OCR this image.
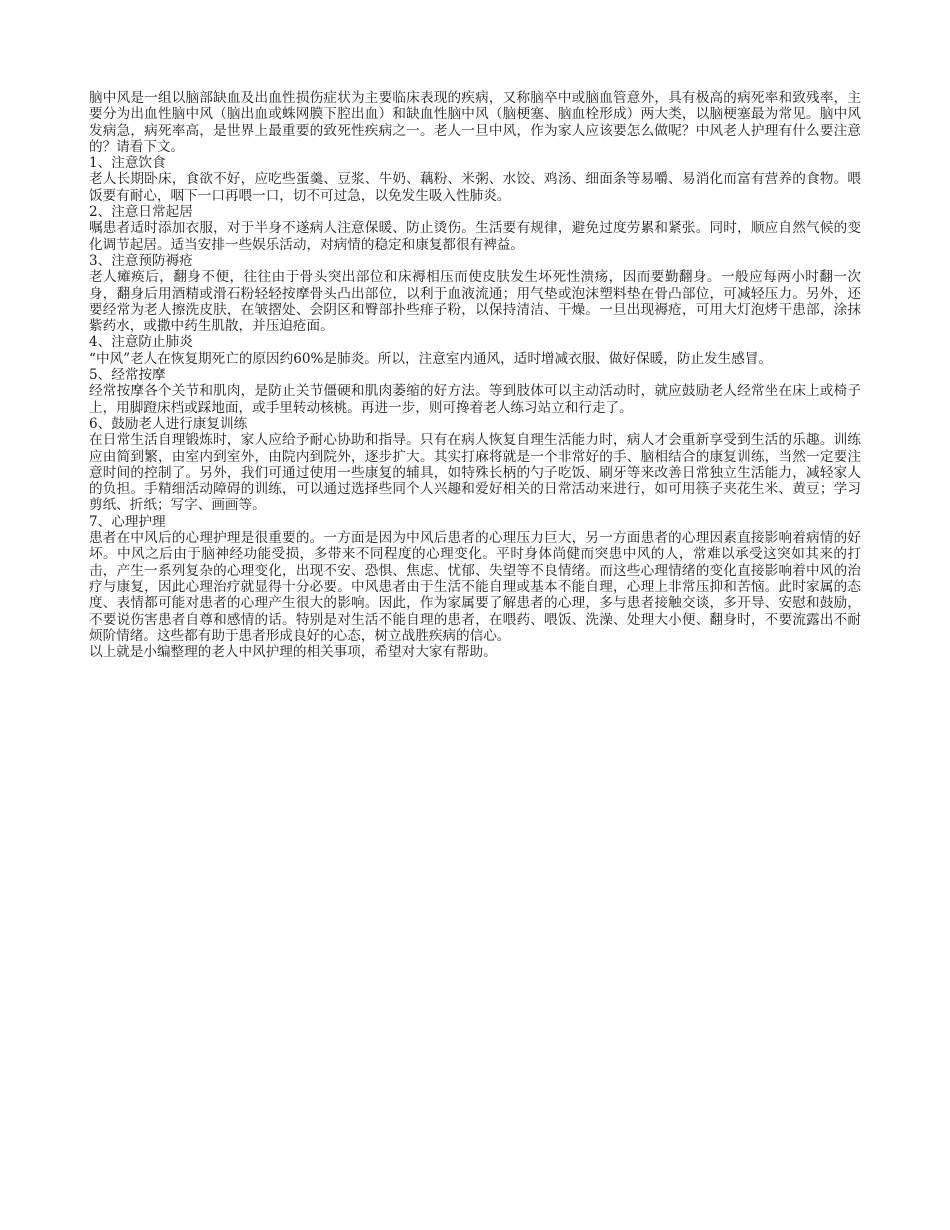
脑中风是一组以脑部缺血及出血性损伤症状为主要临床表现的疾病，又称脑卒中或脑血管意外，具有极高的病死率和致残率，主要分为出血性脑中风（脑出血或蛛网膜下腔出血）和缺血性脑中风（脑梗塞、脑血栓形成）两大类，以脑梗塞最为常见。脑中风发病急，病死率高，是世界上最重要的致死性疾病之一。老人一旦中风，作为家人应该要怎么做呢？中风老人护理有什么要注意的？请看下文。

1、注意饮食

老人长期卧床，食欲不好，应吃些蛋羹、豆浆、牛奶、藕粉、米粥、水饺、鸡汤、细面条等易嚼、易消化而富有营养的食物。喂饭要有耐心，咽下一口再喂一口，切不可过急，以免发生吸入性肺炎。

2、注意日常起居

嘱患者适时添加衣服，对于半身不遂病人注意保暖、防止烫伤。生活要有规律，避免过度劳累和紧张。同时，顺应自然气候的变化调节起居。适当安排一些娱乐活动，对病情的稳定和康复都很有裨益。

3、注意预防褥疮

老人瘫痪后，翻身不便，往往由于骨头突出部位和床褥相压而使皮肤发生坏死性溃疡，因而要勤翻身。一般应每两小时翻一次身，翻身后用酒精或滑石粉轻轻按摩骨头凸出部位，以利于血液流通；用气垫或泡沫塑料垫在骨凸部位，可减轻压力。另外，还要经常为老人擦洗皮肤，在皱摺处、会阴区和臀部扑些痱子粉，以保持清洁、干燥。一旦出现褥疮，可用大灯泡烤干患部，涂抹紫药水，或撒中药生肌散，并压迫疮面。

4、注意防止肺炎

“中风”老人在恢复期死亡的原因约60%是肺炎。所以，注意室内通风，适时增减衣服、做好保暖，防止发生感冒。

5、经常按摩

经常按摩各个关节和肌肉，是防止关节僵硬和肌肉萎缩的好方法。等到肢体可以主动活动时，就应鼓励老人经常坐在床上或椅子上，用脚蹬床档或踩地面，或手里转动核桃。再进一步，则可搀着老人练习站立和行走了。

6、鼓励老人进行康复训练

在日常生活自理锻炼时，家人应给予耐心协助和指导。只有在病人恢复自理生活能力时，病人才会重新享受到生活的乐趣。训练应由简到繁，由室内到室外，由院内到院外，逐步扩大。其实打麻将就是一个非常好的手、脑相结合的康复训练，当然一定要注意时间的控制了。另外，我们可通过使用一些康复的辅具，如特殊长柄的勺子吃饭、刷牙等来改善日常独立生活能力，减轻家人的负担。手精细活动障碍的训练，可以通过选择些同个人兴趣和爱好相关的日常活动来进行，如可用筷子夹花生米、黄豆；学习剪纸、折纸；写字、画画等。

7、心理护理

患者在中风后的心理护理是很重要的。一方面是因为中风后患者的心理压力巨大，另一方面患者的心理因素直接影响着病情的好坏。中风之后由于脑神经功能受损，多带来不同程度的心理变化。平时身体尚健而突患中风的人，常难以承受这突如其来的打击，产生一系列复杂的心理变化，出现不安、恐惧、焦虑、忧郁、失望等不良情绪。而这些心理情绪的变化直接影响着中风的治疗与康复，因此心理治疗就显得十分必要。中风患者由于生活不能自理或基本不能自理，心理上非常压抑和苦恼。此时家属的态度、表情都可能对患者的心理产生很大的影响。因此，作为家属要了解患者的心理，多与患者接触交谈，多开导、安慰和鼓励，不要说伤害患者自尊和感情的话。特别是对生活不能自理的患者，在喂药、喂饭、洗澡、处理大小便、翻身时，不要流露出不耐烦阶情绪。这些都有助于患者形成良好的心态，树立战胜疾病的信心。

以上就是小编整理的老人中风护理的相关事项，希望对大家有帮助。
